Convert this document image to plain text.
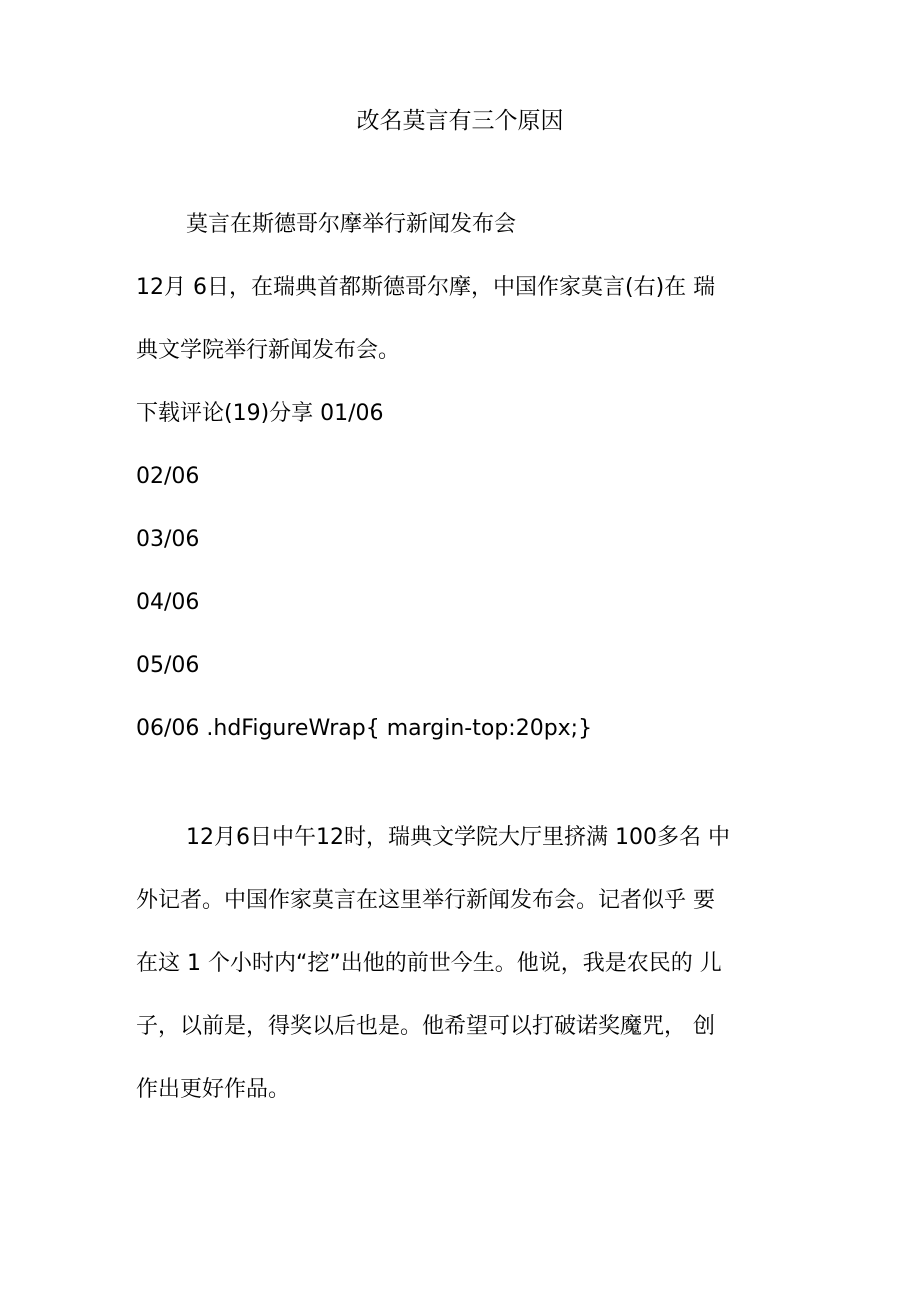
改名莫言有三个原因
莫言在斯德哥尔摩举行新闻发布会
12月 6日，在瑞典首都斯德哥尔摩，中国作家莫言(右)在 瑞
典文学院举行新闻发布会。
下载评论(19)分享 01/06
02/06
03/06
04/06
05/06
06/06 .hdFigureWrap{ margin-top:20px;}
12月6日中午12时，瑞典文学院大厅里挤满 100多名 中
外记者。中国作家莫言在这里举行新闻发布会。记者似乎 要
在这 1 个小时内“挖”出他的前世今生。他说，我是农民的 儿
子，以前是，得奖以后也是。他希望可以打破诺奖魔咒， 创
作出更好作品。
